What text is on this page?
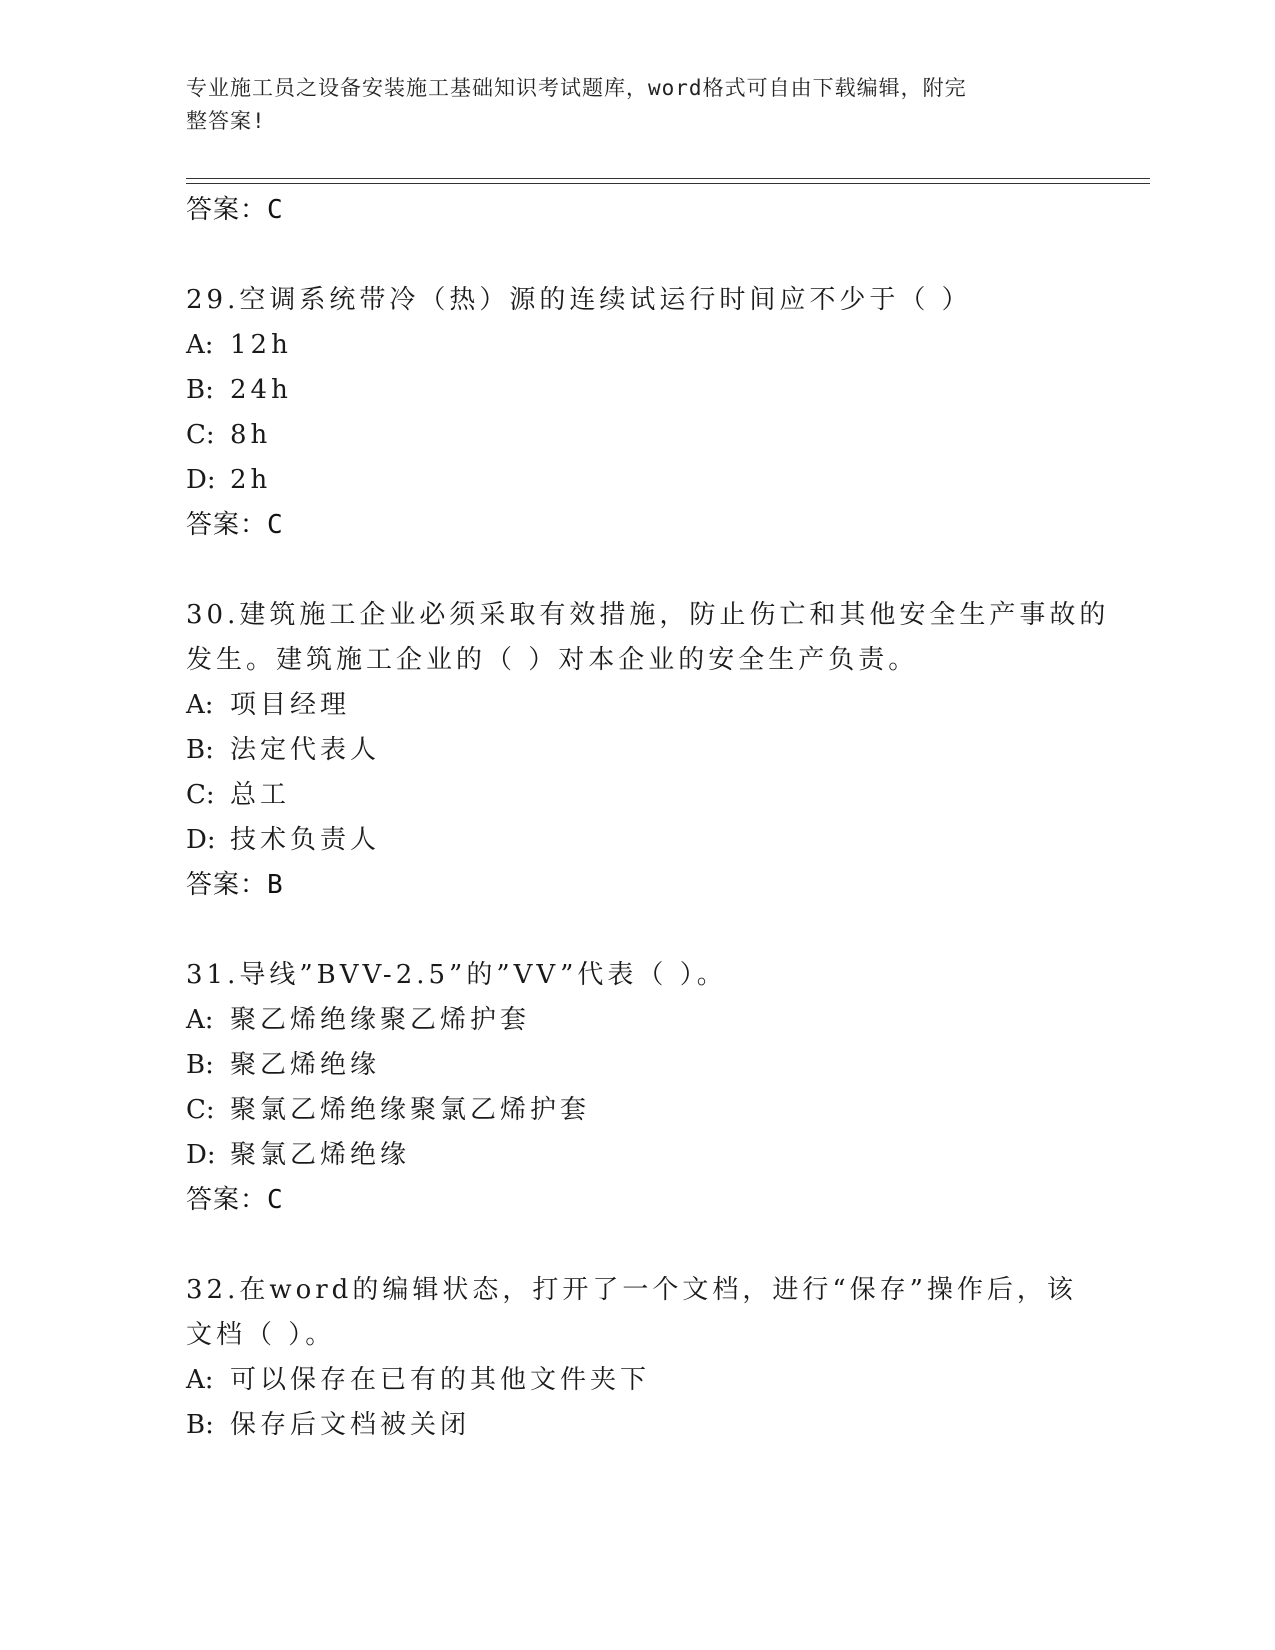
专业施工员之设备安装施工基础知识考试题库，word格式可自由下载编辑，附完
整答案!
答案：C
29.空调系统带冷（热）源的连续试运行时间应不少于（ ）
A: 12h
B: 24h
C: 8h
D: 2h
答案：C
30.建筑施工企业必须采取有效措施，防止伤亡和其他安全生产事故的
发生。建筑施工企业的（ ）对本企业的安全生产负责。
A: 项目经理
B: 法定代表人
C: 总工
D: 技术负责人
答案：B
31.导线”BVV-2.5”的”VV”代表（ ）。
A: 聚乙烯绝缘聚乙烯护套
B: 聚乙烯绝缘
C: 聚氯乙烯绝缘聚氯乙烯护套
D: 聚氯乙烯绝缘
答案：C
32.在word的编辑状态，打开了一个文档，进行“保存”操作后，该
文档（ ）。
A: 可以保存在已有的其他文件夹下
B: 保存后文档被关闭
